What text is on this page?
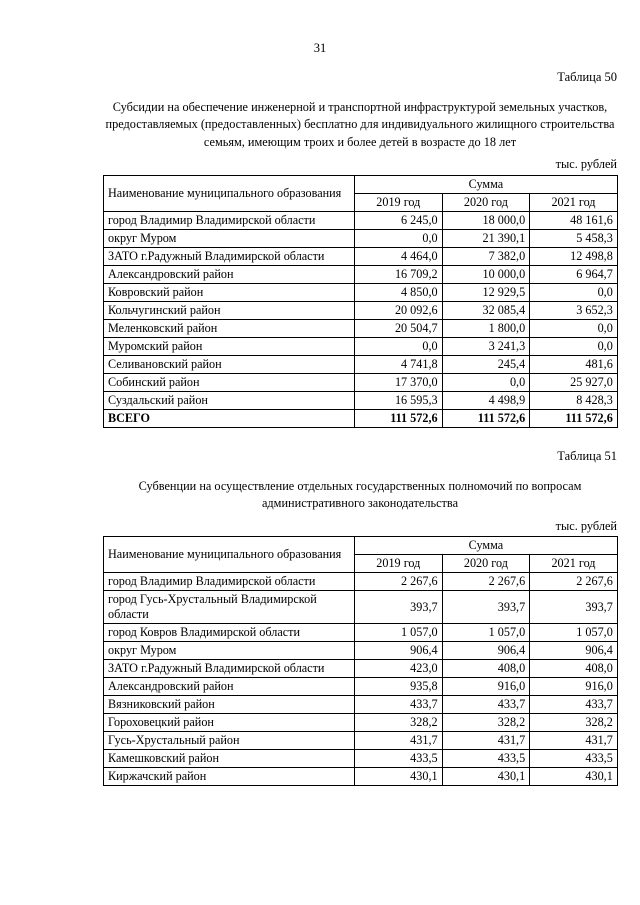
31
Таблица 50
Субсидии на обеспечение инженерной и транспортной инфраструктурой земельных участков, предоставляемых (предоставленных) бесплатно для индивидуального жилищного строительства семьям, имеющим троих и более детей в возрасте до 18 лет
тыс. рублей
Наименование муниципального образования	Сумма		
	2019 год	2020 год	2021 год
город Владимир Владимирской области	6 245,0	18 000,0	48 161,6
округ Муром	0,0	21 390,1	5 458,3
ЗАТО г.Радужный Владимирской области	4 464,0	7 382,0	12 498,8
Александровский район	16 709,2	10 000,0	6 964,7
Ковровский район	4 850,0	12 929,5	0,0
Кольчугинский район	20 092,6	32 085,4	3 652,3
Меленковский район	20 504,7	1 800,0	0,0
Муромский район	0,0	3 241,3	0,0
Селивановский район	4 741,8	245,4	481,6
Собинский район	17 370,0	0,0	25 927,0
Суздальский район	16 595,3	4 498,9	8 428,3
ВСЕГО	111 572,6	111 572,6	111 572,6
Таблица 51
Субвенции на осуществление отдельных государственных полномочий по вопросам административного законодательства
тыс. рублей
Наименование муниципального образования	Сумма		
	2019 год	2020 год	2021 год
город Владимир Владимирской области	2 267,6	2 267,6	2 267,6
город Гусь-Хрустальный Владимирской области	393,7	393,7	393,7
город Ковров Владимирской области	1 057,0	1 057,0	1 057,0
округ Муром	906,4	906,4	906,4
ЗАТО г.Радужный Владимирской области	423,0	408,0	408,0
Александровский район	935,8	916,0	916,0
Вязниковский район	433,7	433,7	433,7
Гороховецкий район	328,2	328,2	328,2
Гусь-Хрустальный район	431,7	431,7	431,7
Камешковский район	433,5	433,5	433,5
Киржачский район	430,1	430,1	430,1
